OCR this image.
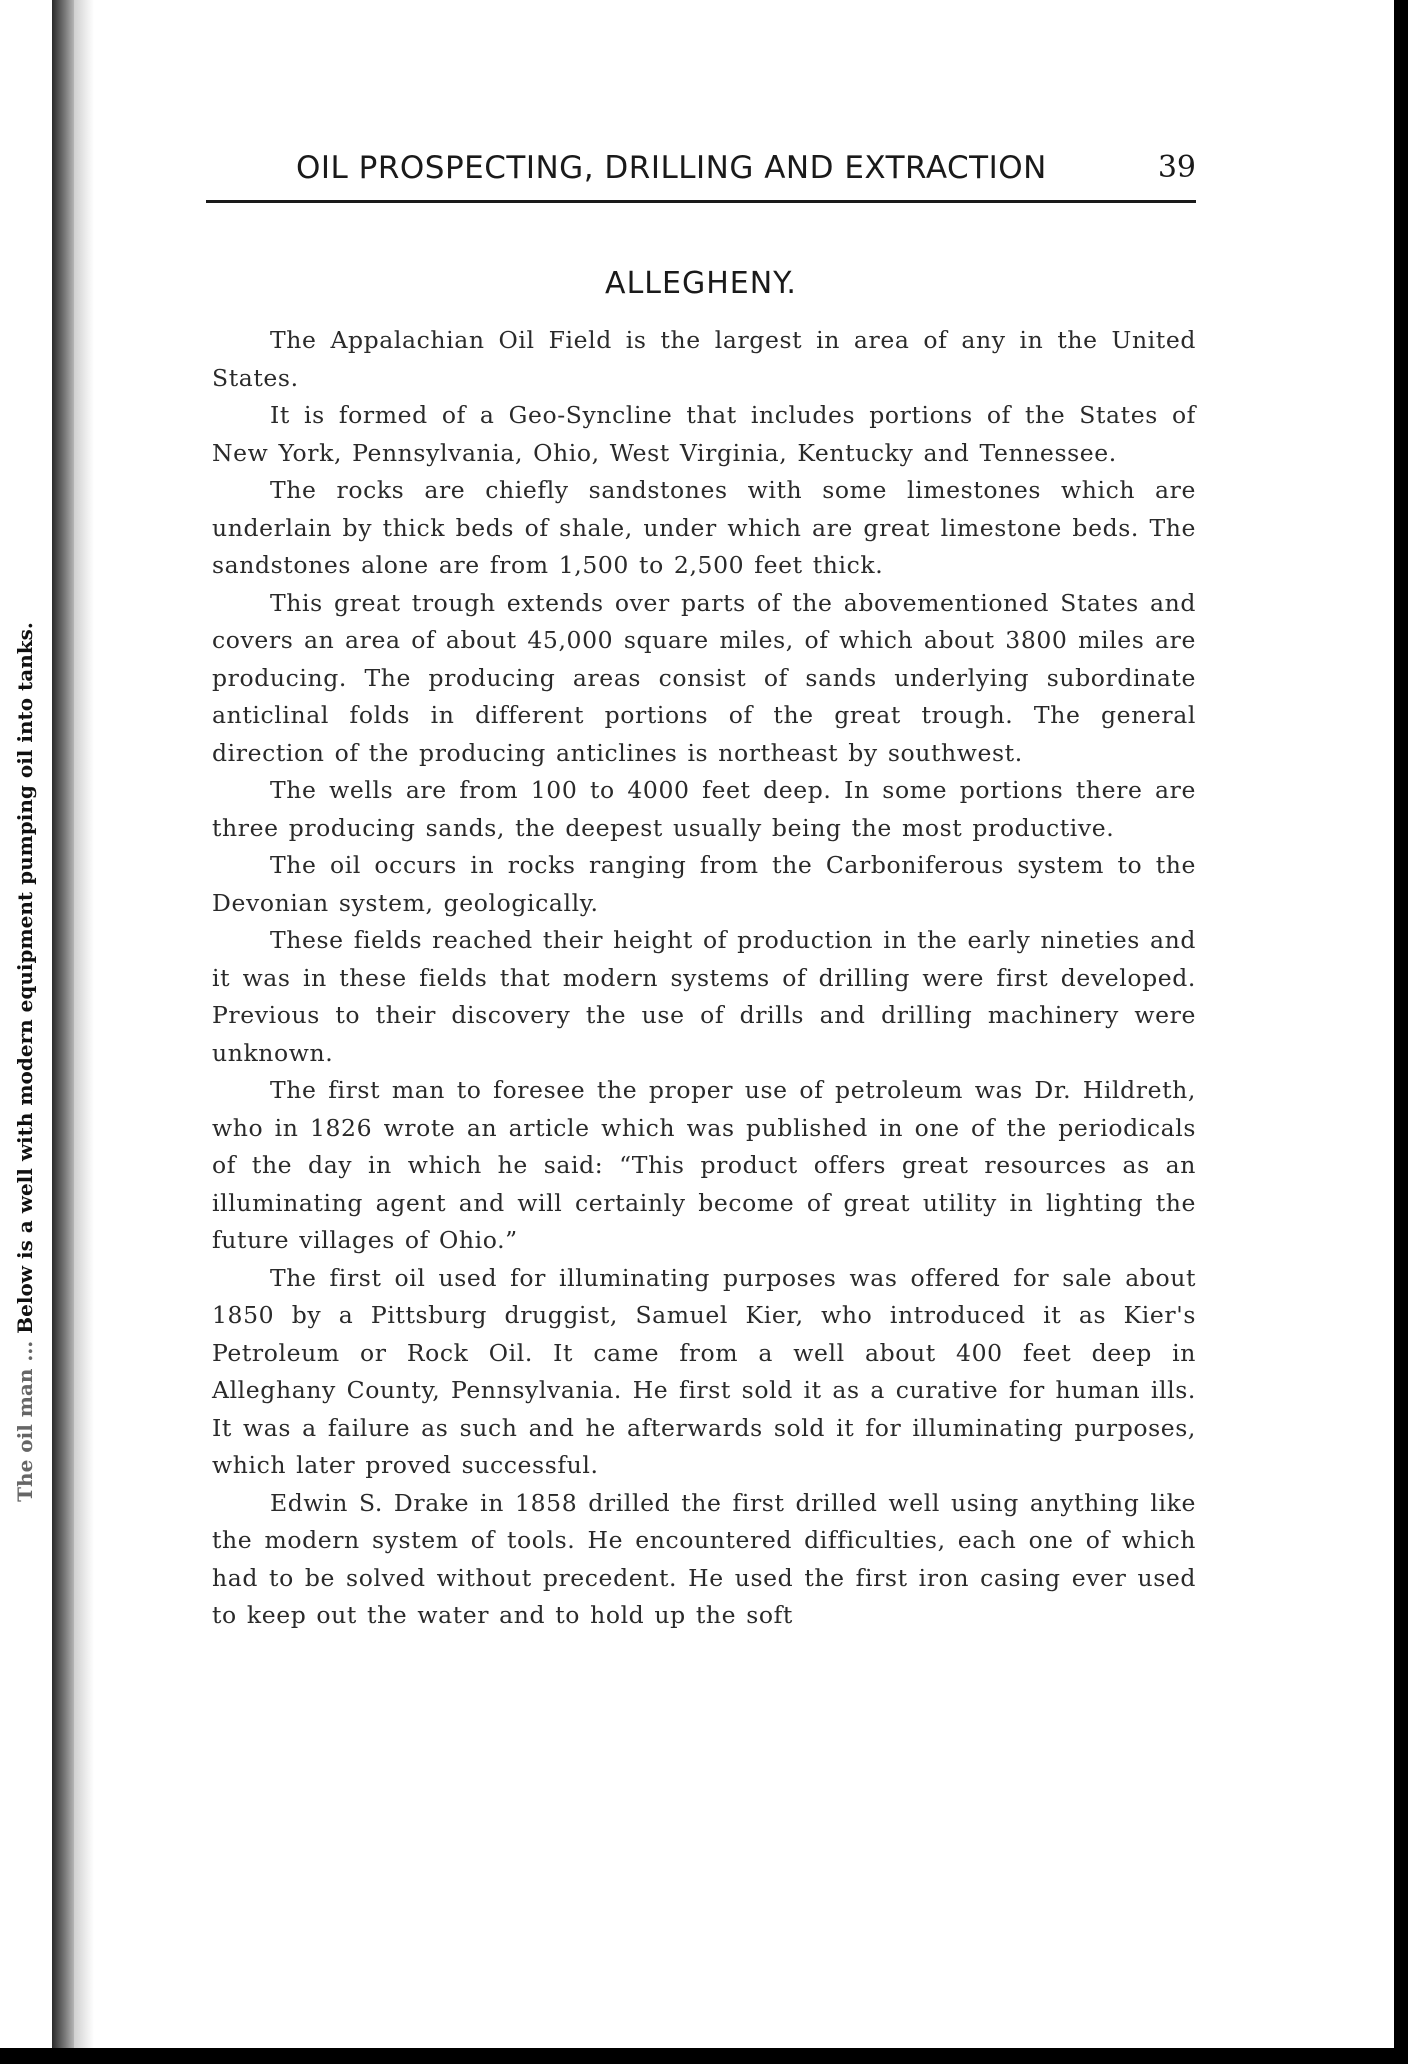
The oil man ... Below is a well with modern equipment pumping oil into tanks.
OIL PROSPECTING, DRILLING AND EXTRACTION	39
ALLEGHENY.

The Appalachian Oil Field is the largest in area of any in the United States.

It is formed of a Geo-Syncline that includes portions of the States of New York, Pennsylvania, Ohio, West Virginia, Kentucky and Tennessee.

The rocks are chiefly sandstones with some limestones which are underlain by thick beds of shale, under which are great limestone beds. The sandstones alone are from 1,500 to 2,500 feet thick.

This great trough extends over parts of the abovementioned States and covers an area of about 45,000 square miles, of which about 3800 miles are producing. The producing areas consist of sands underlying subordinate anticlinal folds in different portions of the great trough. The general direction of the producing anticlines is northeast by southwest.

The wells are from 100 to 4000 feet deep. In some portions there are three producing sands, the deepest usually being the most productive.

The oil occurs in rocks ranging from the Carboniferous system to the Devonian system, geologically.

These fields reached their height of production in the early nineties and it was in these fields that modern systems of drilling were first developed. Previous to their discovery the use of drills and drilling machinery were unknown.

The first man to foresee the proper use of petroleum was Dr. Hildreth, who in 1826 wrote an article which was published in one of the periodicals of the day in which he said: “This product offers great resources as an illuminating agent and will certainly become of great utility in lighting the future villages of Ohio.”

The first oil used for illuminating purposes was offered for sale about 1850 by a Pittsburg druggist, Samuel Kier, who introduced it as Kier's Petroleum or Rock Oil. It came from a well about 400 feet deep in Alleghany County, Pennsylvania. He first sold it as a curative for human ills. It was a failure as such and he afterwards sold it for illuminating purposes, which later proved successful.

Edwin S. Drake in 1858 drilled the first drilled well using anything like the modern system of tools. He encountered difficulties, each one of which had to be solved without precedent. He used the first iron casing ever used to keep out the water and to hold up the soft
